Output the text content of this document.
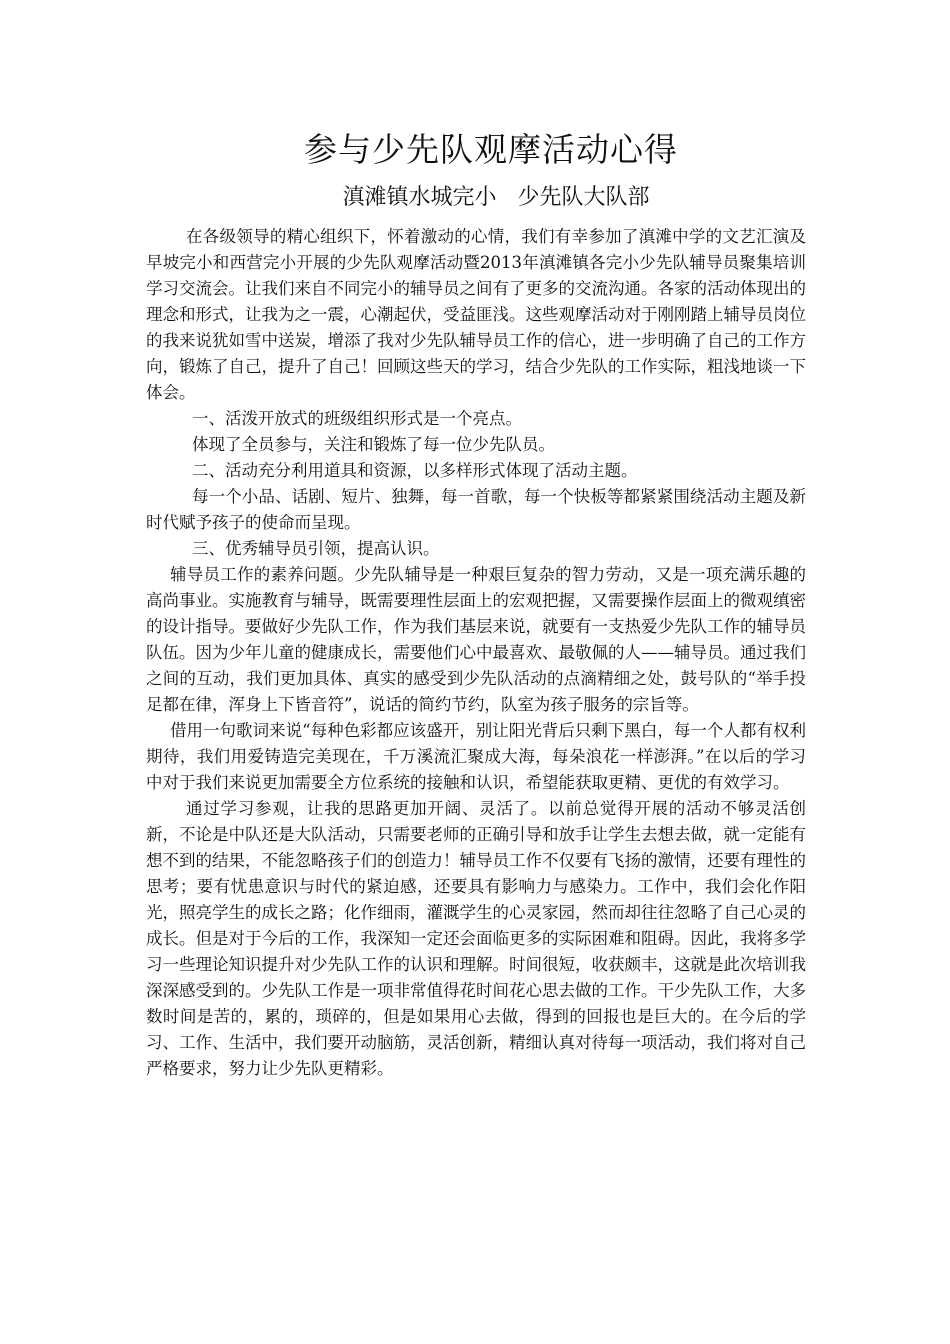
参与少先队观摩活动心得
滇滩镇水城完小   少先队大队部

在各级领导的精心组织下，怀着激动的心情，我们有幸参加了滇滩中学的文艺汇演及早坡完小和西营完小开展的少先队观摩活动暨2013年滇滩镇各完小少先队辅导员聚集培训学习交流会。让我们来自不同完小的辅导员之间有了更多的交流沟通。各家的活动体现出的理念和形式，让我为之一震，心潮起伏，受益匪浅。这些观摩活动对于刚刚踏上辅导员岗位的我来说犹如雪中送炭，增添了我对少先队辅导员工作的信心，进一步明确了自己的工作方向，锻炼了自己，提升了自己！回顾这些天的学习，结合少先队的工作实际，粗浅地谈一下体会。

一、活泼开放式的班级组织形式是一个亮点。

体现了全员参与，关注和锻炼了每一位少先队员。

二、活动充分利用道具和资源，以多样形式体现了活动主题。

每一个小品、话剧、短片、独舞，每一首歌，每一个快板等都紧紧围绕活动主题及新时代赋予孩子的使命而呈现。

三、优秀辅导员引领，提高认识。

辅导员工作的素养问题。少先队辅导是一种艰巨复杂的智力劳动，又是一项充满乐趣的高尚事业。实施教育与辅导，既需要理性层面上的宏观把握，又需要操作层面上的微观缜密的设计指导。要做好少先队工作，作为我们基层来说，就要有一支热爱少先队工作的辅导员队伍。因为少年儿童的健康成长，需要他们心中最喜欢、最敬佩的人——辅导员。通过我们之间的互动，我们更加具体、真实的感受到少先队活动的点滴精细之处，鼓号队的“举手投足都在律，浑身上下皆音符”，说话的简约节约，队室为孩子服务的宗旨等。

借用一句歌词来说“每种色彩都应该盛开，别让阳光背后只剩下黑白，每一个人都有权利期待，我们用爱铸造完美现在，千万溪流汇聚成大海，每朵浪花一样澎湃。”在以后的学习中对于我们来说更加需要全方位系统的接触和认识，希望能获取更精、更优的有效学习。

通过学习参观，让我的思路更加开阔、灵活了。以前总觉得开展的活动不够灵活创新，不论是中队还是大队活动，只需要老师的正确引导和放手让学生去想去做，就一定能有想不到的结果，不能忽略孩子们的创造力！辅导员工作不仅要有飞扬的激情，还要有理性的思考；要有忧患意识与时代的紧迫感，还要具有影响力与感染力。工作中，我们会化作阳光，照亮学生的成长之路；化作细雨，灌溉学生的心灵家园，然而却往往忽略了自己心灵的成长。但是对于今后的工作，我深知一定还会面临更多的实际困难和阻碍。因此，我将多学习一些理论知识提升对少先队工作的认识和理解。时间很短，收获颇丰，这就是此次培训我深深感受到的。少先队工作是一项非常值得花时间花心思去做的工作。干少先队工作，大多数时间是苦的，累的，琐碎的，但是如果用心去做，得到的回报也是巨大的。在今后的学习、工作、生活中，我们要开动脑筋，灵活创新，精细认真对待每一项活动，我们将对自己严格要求，努力让少先队更精彩。
